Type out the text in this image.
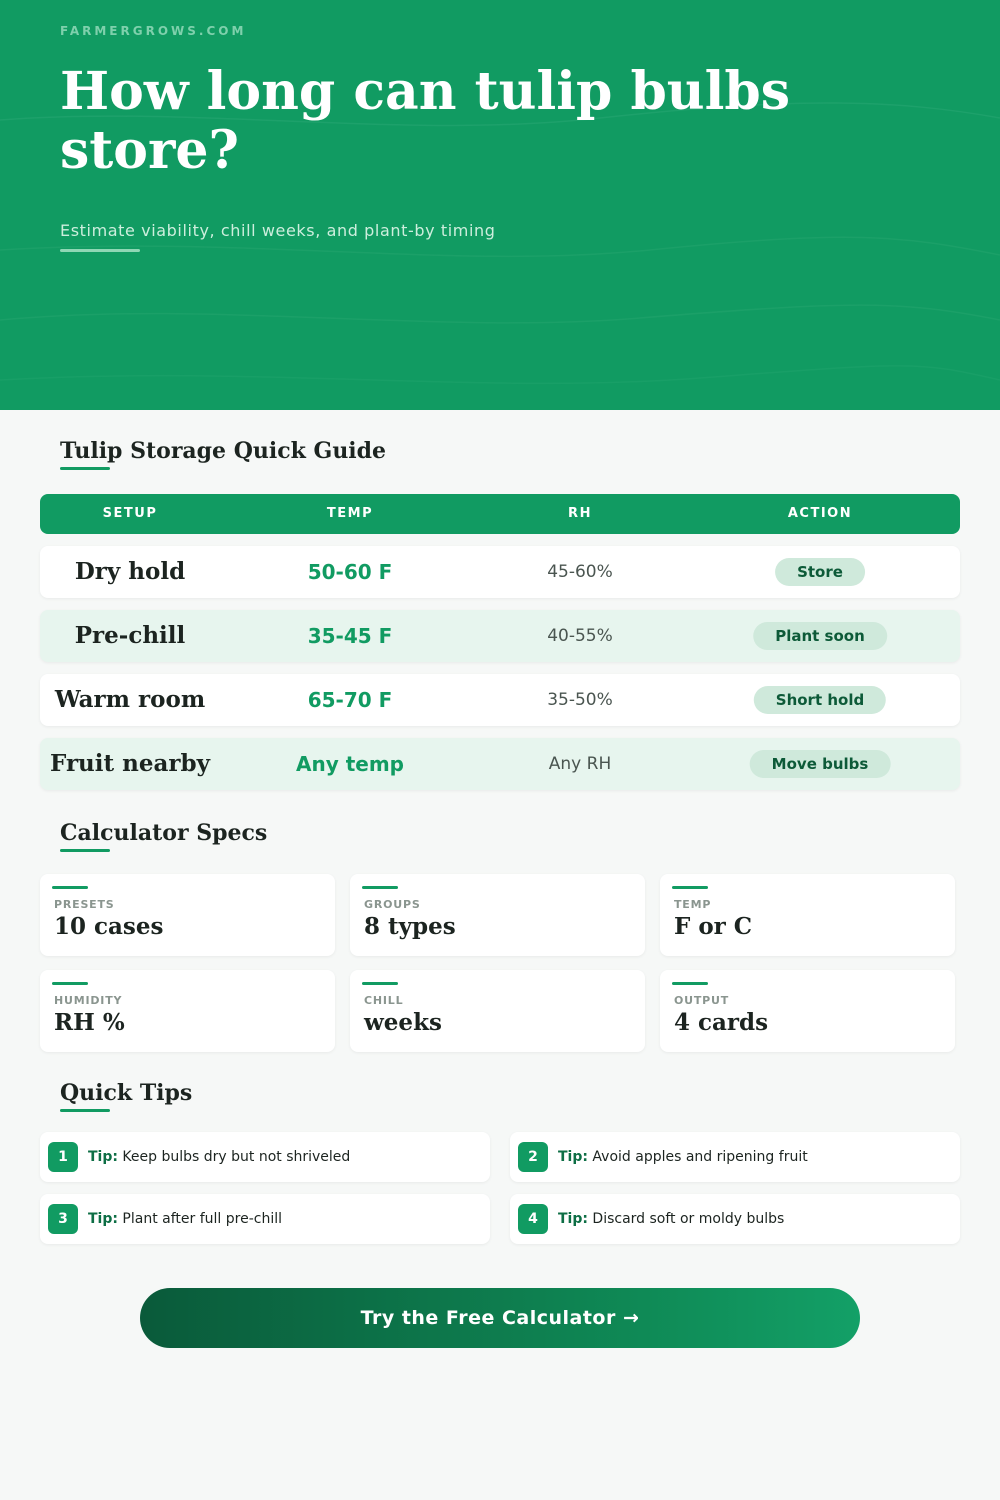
FARMERGROWS.COM
How long can tulip bulbs store?
Estimate viability, chill weeks, and plant-by timing
Tulip Storage Quick Guide
SETUP	TEMP	RH	ACTION
Dry hold	50-60 F	45-60%	Store
Pre-chill	35-45 F	40-55%	Plant soon
Warm room	65-70 F	35-50%	Short hold
Fruit nearby	Any temp	Any RH	Move bulbs
Calculator Specs
PRESETS
10 cases
GROUPS
8 types
TEMP
F or C
HUMIDITY
RH %
CHILL
weeks
OUTPUT
4 cards
Quick Tips
1	Tip: Keep bulbs dry but not shriveled	2	Tip: Avoid apples and ripening fruit
3	Tip: Plant after full pre-chill	4	Tip: Discard soft or moldy bulbs
Try the Free Calculator →
